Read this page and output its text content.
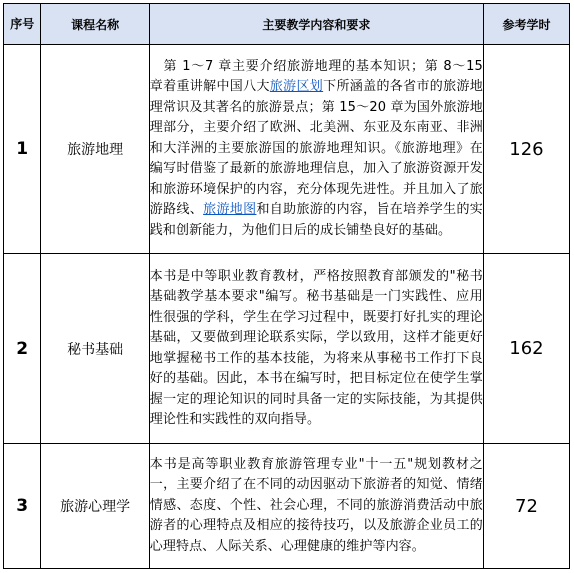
序号	课程名称	主要教学内容和要求	参考学时
1	旅游地理	　第 1～7 章主要介绍旅游地理的基本知识；第 8～15 章着重讲解中国八大旅游区划下所涵盖的各省市的旅游地理常识及其著名的旅游景点；第 15～20 章为国外旅游地理部分，主要介绍了欧洲、北美洲、东亚及东南亚、非洲和大洋洲的主要旅游国的旅游地理知识。《旅游地理》在编写时借鉴了最新的旅游地理信息，加入了旅游资源开发和旅游环境保护的内容，充分体现先进性。并且加入了旅游路线、旅游地图和自助旅游的内容，旨在培养学生的实践和创新能力，为他们日后的成长铺垫良好的基础。	126
2	秘书基础	本书是中等职业教育教材，严格按照教育部颁发的"秘书基础教学基本要求"编写。秘书基础是一门实践性、应用性很强的学科，学生在学习过程中，既要打好扎实的理论基础，又要做到理论联系实际，学以致用，这样才能更好地掌握秘书工作的基本技能，为将来从事秘书工作打下良好的基础。因此，本书在编写时，把目标定位在使学生掌握一定的理论知识的同时具备一定的实际技能，为其提供理论性和实践性的双向指导。	162
3	旅游心理学	本书是高等职业教育旅游管理专业"十一五"规划教材之一，主要介绍了在不同的动因驱动下旅游者的知觉、情绪情感、态度、个性、社会心理，不同的旅游消费活动中旅游者的心理特点及相应的接待技巧，以及旅游企业员工的心理特点、人际关系、心理健康的维护等内容。	72
